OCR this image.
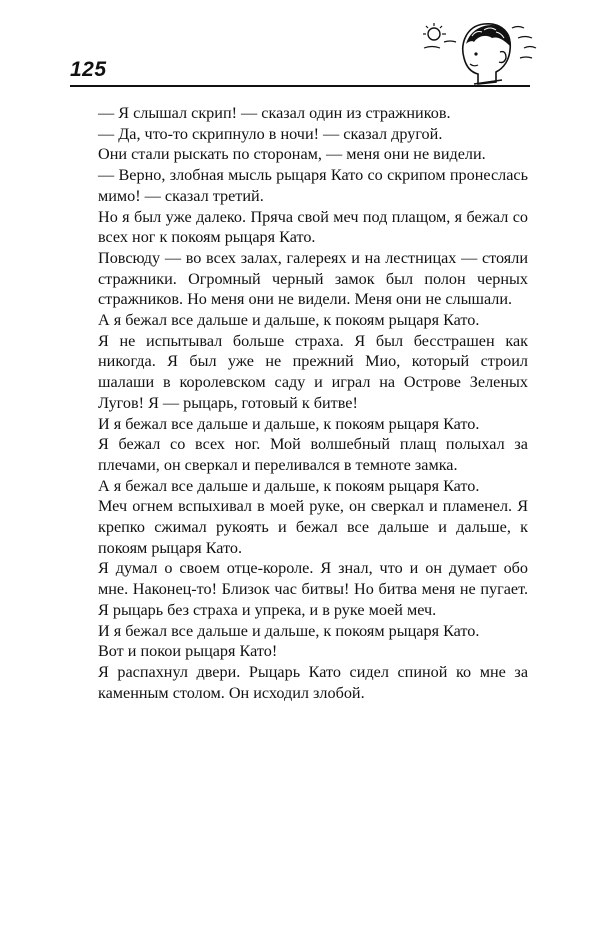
125

— Я слышал скрип! — сказал один из стражников.

— Да, что-то скрипнуло в ночи! — сказал другой.

Они стали рыскать по сторонам, — меня они не видели.

— Верно, злобная мысль рыцаря Като со скрипом пронеслась мимо! — сказал третий.

Но я был уже далеко. Пряча свой меч под плащом, я бежал со всех ног к покоям рыцаря Като.

Повсюду — во всех залах, галереях и на лестницах — стояли стражники. Огромный черный замок был полон черных стражников. Но меня они не видели. Меня они не слышали.

А я бежал все дальше и дальше, к покоям рыцаря Като.

Я не испытывал больше страха. Я был бесстрашен как никогда. Я был уже не прежний Мио, который строил шалаши в королевском саду и играл на Острове Зеленых Лугов! Я — рыцарь, готовый к битве!

И я бежал все дальше и дальше, к покоям рыцаря Като.

Я бежал со всех ног. Мой волшебный плащ полыхал за плечами, он сверкал и переливался в темноте замка.

А я бежал все дальше и дальше, к покоям рыцаря Като.

Меч огнем вспыхивал в моей руке, он сверкал и пламенел. Я крепко сжимал рукоять и бежал все дальше и дальше, к покоям рыцаря Като.

Я думал о своем отце-короле. Я знал, что и он думает обо мне. Наконец-то! Близок час битвы! Но битва меня не пугает. Я рыцарь без страха и упрека, и в руке моей меч.

И я бежал все дальше и дальше, к покоям рыцаря Като.

Вот и покои рыцаря Като!

Я распахнул двери. Рыцарь Като сидел спиной ко мне за каменным столом. Он исходил злобой.
